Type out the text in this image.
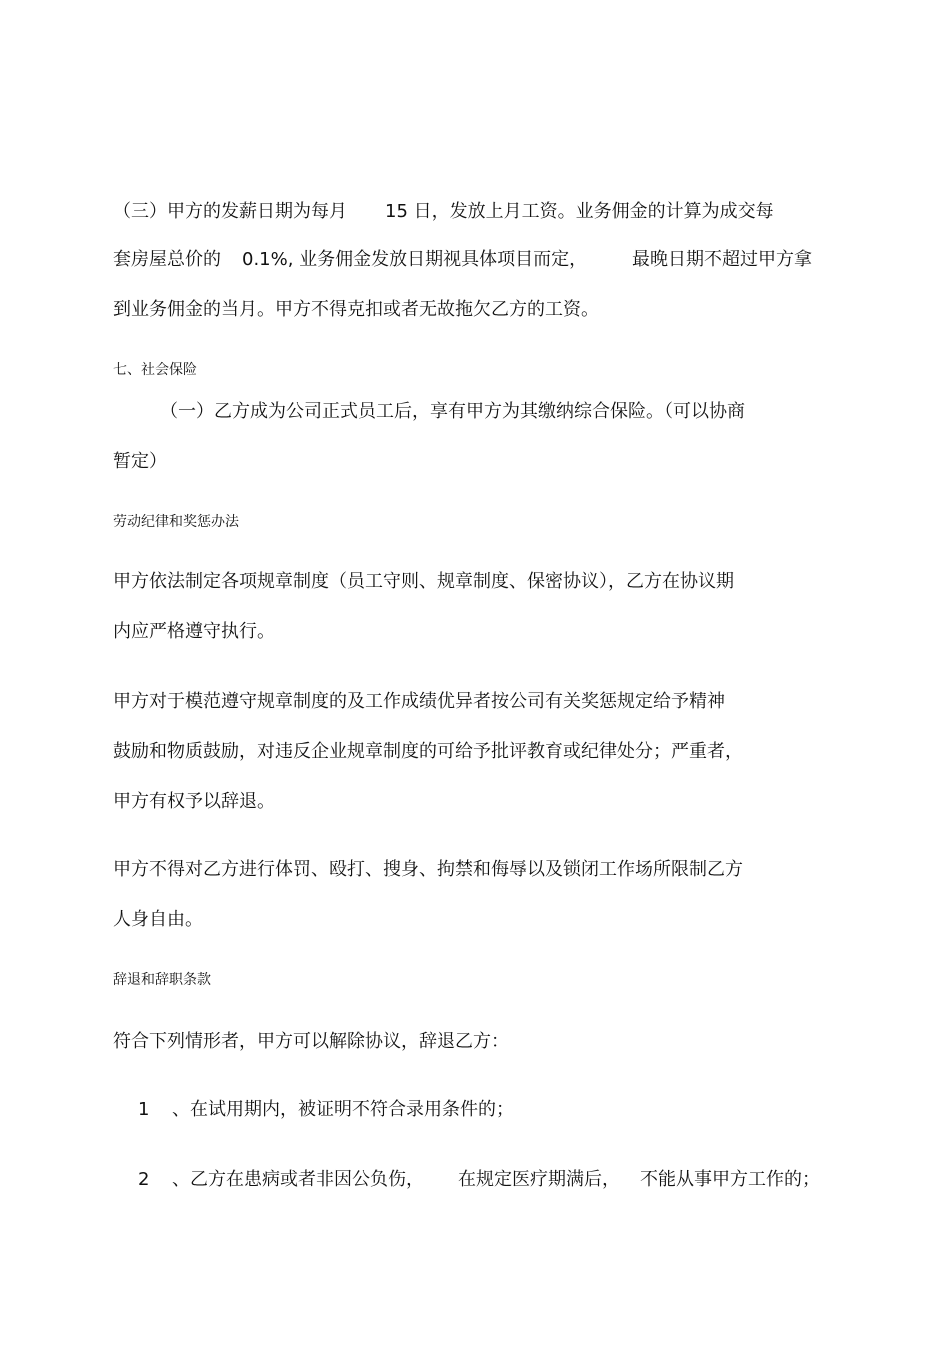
（三）甲方的发薪日期为每月

15 日，发放上月工资。业务佣金的计算为成交每

套房屋总价的

0.1%, 业务佣金发放日期视具体项目而定，

最晚日期不超过甲方拿

到业务佣金的当月。甲方不得克扣或者无故拖欠乙方的工资。

七、社会保险

（一）乙方成为公司正式员工后，享有甲方为其缴纳综合保险。（可以协商

暂定）

劳动纪律和奖惩办法

甲方依法制定各项规章制度（员工守则、规章制度、保密协议），乙方在协议期

内应严格遵守执行。

甲方对于模范遵守规章制度的及工作成绩优异者按公司有关奖惩规定给予精神

鼓励和物质鼓励，对违反企业规章制度的可给予批评教育或纪律处分；严重者，

甲方有权予以辞退。

甲方不得对乙方进行体罚、殴打、搜身、拘禁和侮辱以及锁闭工作场所限制乙方

人身自由。

辞退和辞职条款

符合下列情形者，甲方可以解除协议，辞退乙方：

1

、在试用期内，被证明不符合录用条件的；

2

、乙方在患病或者非因公负伤，

在规定医疗期满后，

不能从事甲方工作的；
